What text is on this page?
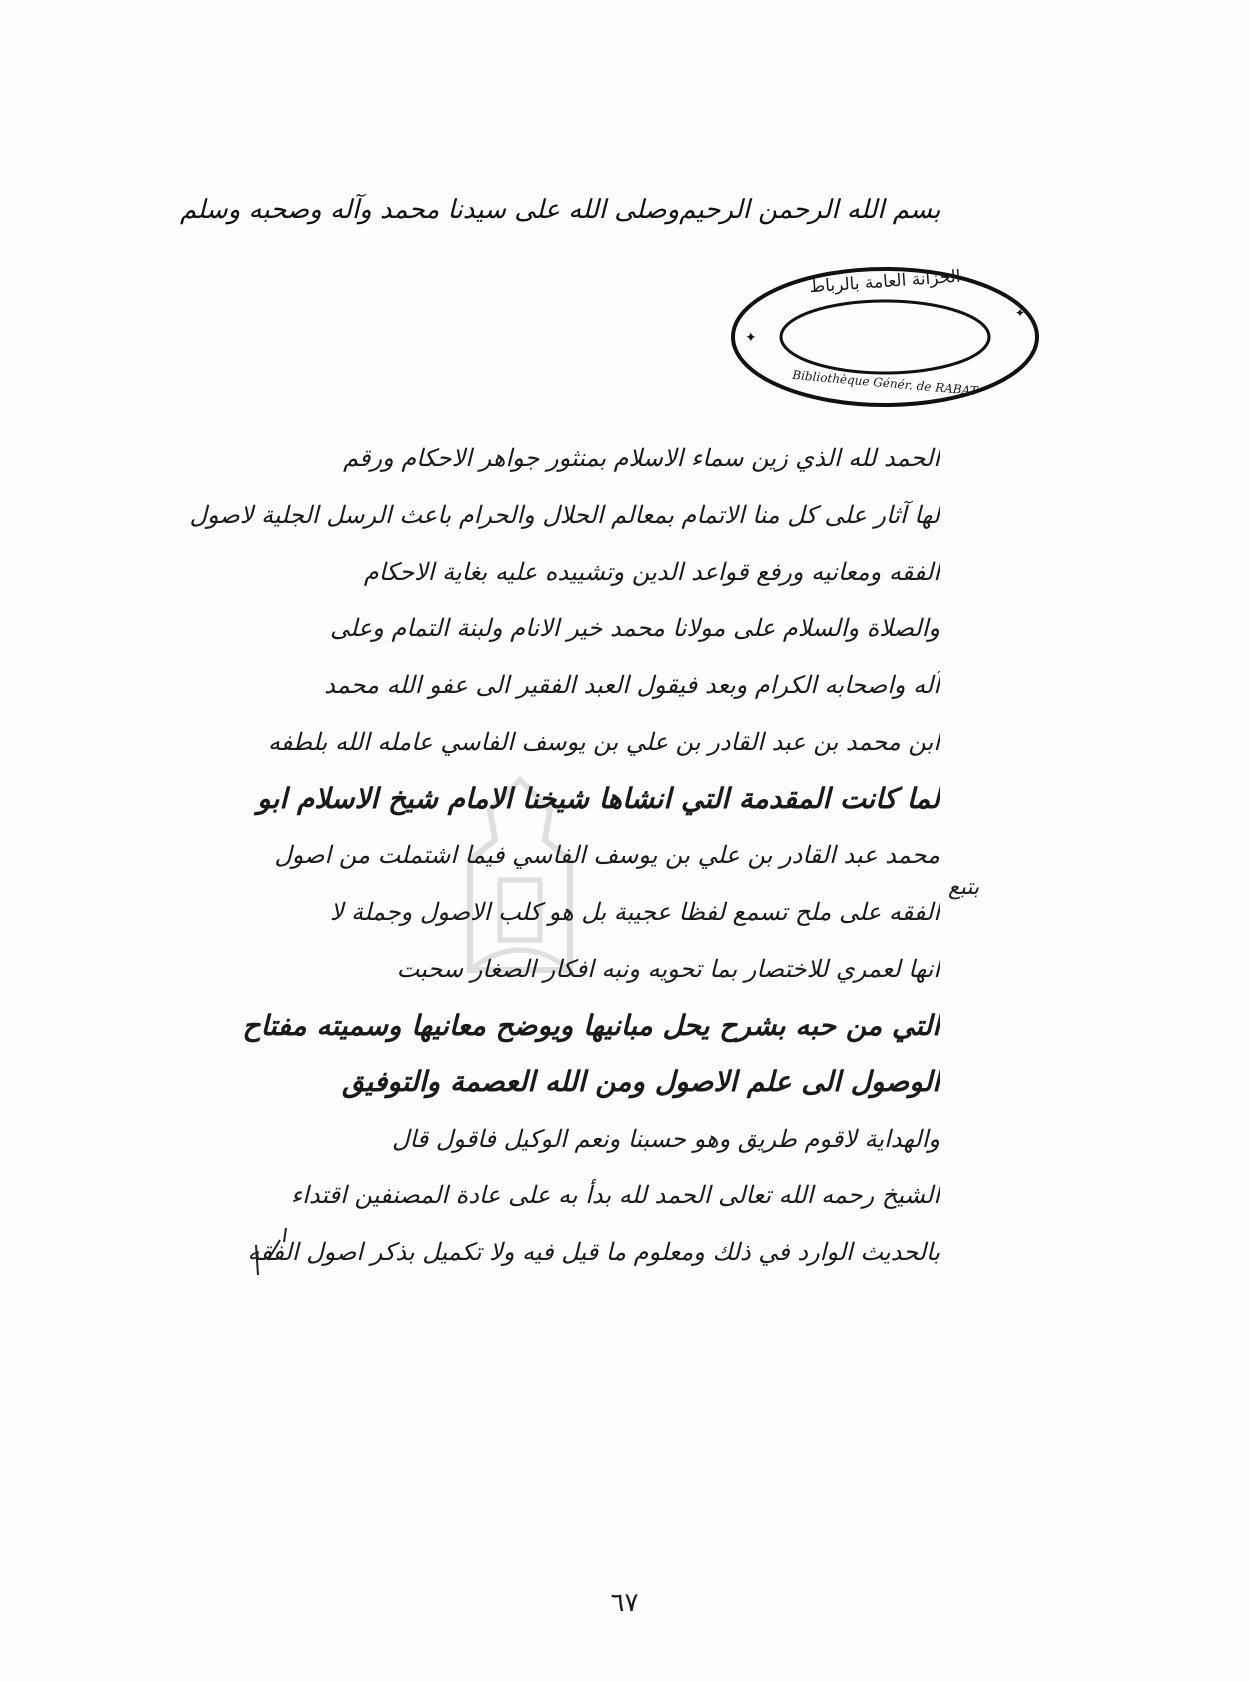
وصلى الله على سيدنا محمد وآله وصحبه وسلم بسم الله الرحمن الرحيم
✦
✦
الخزانة العامة بالرباط
Bibliothèque Génér. de RABAT
الحمد لله الذي زين سماء الاسلام بمنثور جواهر الاحكام ورقم
لها آثار على كل منا الاتمام بمعالم الحلال والحرام باعث الرسل الجلية لاصول
الفقه ومعانيه ورفع قواعد الدين وتشييده عليه بغاية الاحكام
والصلاة والسلام على مولانا محمد خير الانام ولبنة التمام وعلى
آله واصحابه الكرام وبعد فيقول العبد الفقير الى عفو الله محمد
ابن محمد بن عبد القادر بن علي بن يوسف الفاسي عامله الله بلطفه
لما كانت المقدمة التي انشاها شيخنا الامام شيخ الاسلام ابو
محمد عبد القادر بن علي بن يوسف الفاسي فيما اشتملت من اصول
الفقه على ملح تسمع لفظا عجيبة بل هو كلب الاصول وجملة لا
انها لعمري للاختصار بما تحويه ونبه افكار الصغار سحبت
التي من حبه بشرح يحل مبانيها ويوضح معانيها وسميته مفتاح
الوصول الى علم الاصول ومن الله العصمة والتوفيق
والهداية لاقوم طريق وهو حسبنا ونعم الوكيل فاقول قال
الشيخ رحمه الله تعالى الحمد لله بدأ به على عادة المصنفين اقتداء
بالحديث الوارد في ذلك ومعلوم ما قيل فيه ولا تكميل بذكر اصول الفقه
بتبع
٦٧
